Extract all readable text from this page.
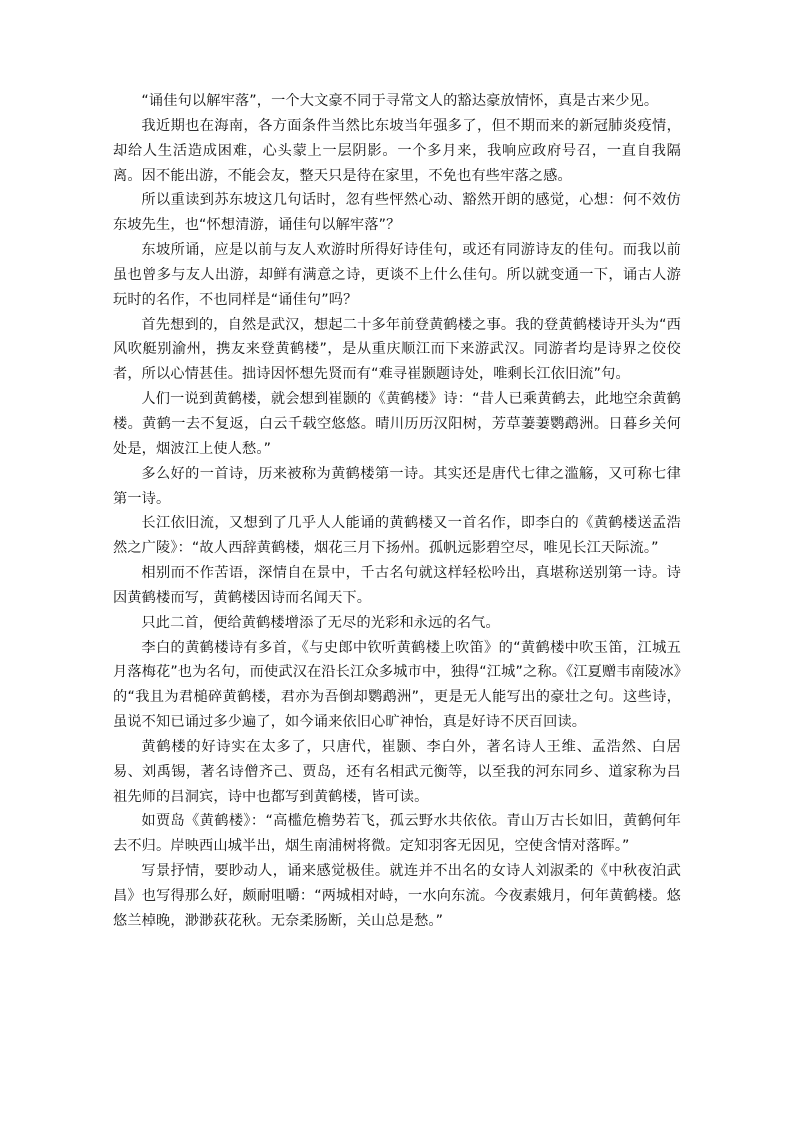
“诵佳句以解牢落”，一个大文豪不同于寻常文人的豁达豪放情怀，真是古来少见。

我近期也在海南，各方面条件当然比东坡当年强多了，但不期而来的新冠肺炎疫情，却给人生活造成困难，心头蒙上一层阴影。一个多月来，我响应政府号召，一直自我隔离。因不能出游，不能会友，整天只是待在家里，不免也有些牢落之感。

所以重读到苏东坡这几句话时，忽有些怦然心动、豁然开朗的感觉，心想：何不效仿东坡先生，也“怀想清游，诵佳句以解牢落”？

东坡所诵，应是以前与友人欢游时所得好诗佳句，或还有同游诗友的佳句。而我以前虽也曾多与友人出游，却鲜有满意之诗，更谈不上什么佳句。所以就变通一下，诵古人游玩时的名作，不也同样是“诵佳句”吗？

首先想到的，自然是武汉，想起二十多年前登黄鹤楼之事。我的登黄鹤楼诗开头为“西风吹艇别渝州，携友来登黄鹤楼”，是从重庆顺江而下来游武汉。同游者均是诗界之佼佼者，所以心情甚佳。拙诗因怀想先贤而有“难寻崔颢题诗处，唯剩长江依旧流”句。

人们一说到黄鹤楼，就会想到崔颢的《黄鹤楼》诗：“昔人已乘黄鹤去，此地空余黄鹤楼。黄鹤一去不复返，白云千载空悠悠。晴川历历汉阳树，芳草萋萋鹦鹉洲。日暮乡关何处是，烟波江上使人愁。”

多么好的一首诗，历来被称为黄鹤楼第一诗。其实还是唐代七律之滥觞，又可称七律第一诗。

长江依旧流，又想到了几乎人人能诵的黄鹤楼又一首名作，即李白的《黄鹤楼送孟浩然之广陵》：“故人西辞黄鹤楼，烟花三月下扬州。孤帆远影碧空尽，唯见长江天际流。”

相别而不作苦语，深情自在景中，千古名句就这样轻松吟出，真堪称送别第一诗。诗因黄鹤楼而写，黄鹤楼因诗而名闻天下。

只此二首，便给黄鹤楼增添了无尽的光彩和永远的名气。

李白的黄鹤楼诗有多首，《与史郎中钦听黄鹤楼上吹笛》的“黄鹤楼中吹玉笛，江城五月落梅花”也为名句，而使武汉在沿长江众多城市中，独得“江城”之称。《江夏赠韦南陵冰》的“我且为君槌碎黄鹤楼，君亦为吾倒却鹦鹉洲”，更是无人能写出的豪壮之句。这些诗，虽说不知已诵过多少遍了，如今诵来依旧心旷神怡，真是好诗不厌百回读。

黄鹤楼的好诗实在太多了，只唐代，崔颢、李白外，著名诗人王维、孟浩然、白居易、刘禹锡，著名诗僧齐己、贾岛，还有名相武元衡等，以至我的河东同乡、道家称为吕祖先师的吕洞宾，诗中也都写到黄鹤楼，皆可读。

如贾岛《黄鹤楼》：“高槛危檐势若飞，孤云野水共依依。青山万古长如旧，黄鹤何年去不归。岸映西山城半出，烟生南浦树将微。定知羽客无因见，空使含情对落晖。”

写景抒情，要眇动人，诵来感觉极佳。就连并不出名的女诗人刘淑柔的《中秋夜泊武昌》也写得那么好，颇耐咀嚼：“两城相对峙，一水向东流。今夜素娥月，何年黄鹤楼。悠悠兰棹晚，渺渺荻花秋。无奈柔肠断，关山总是愁。”
